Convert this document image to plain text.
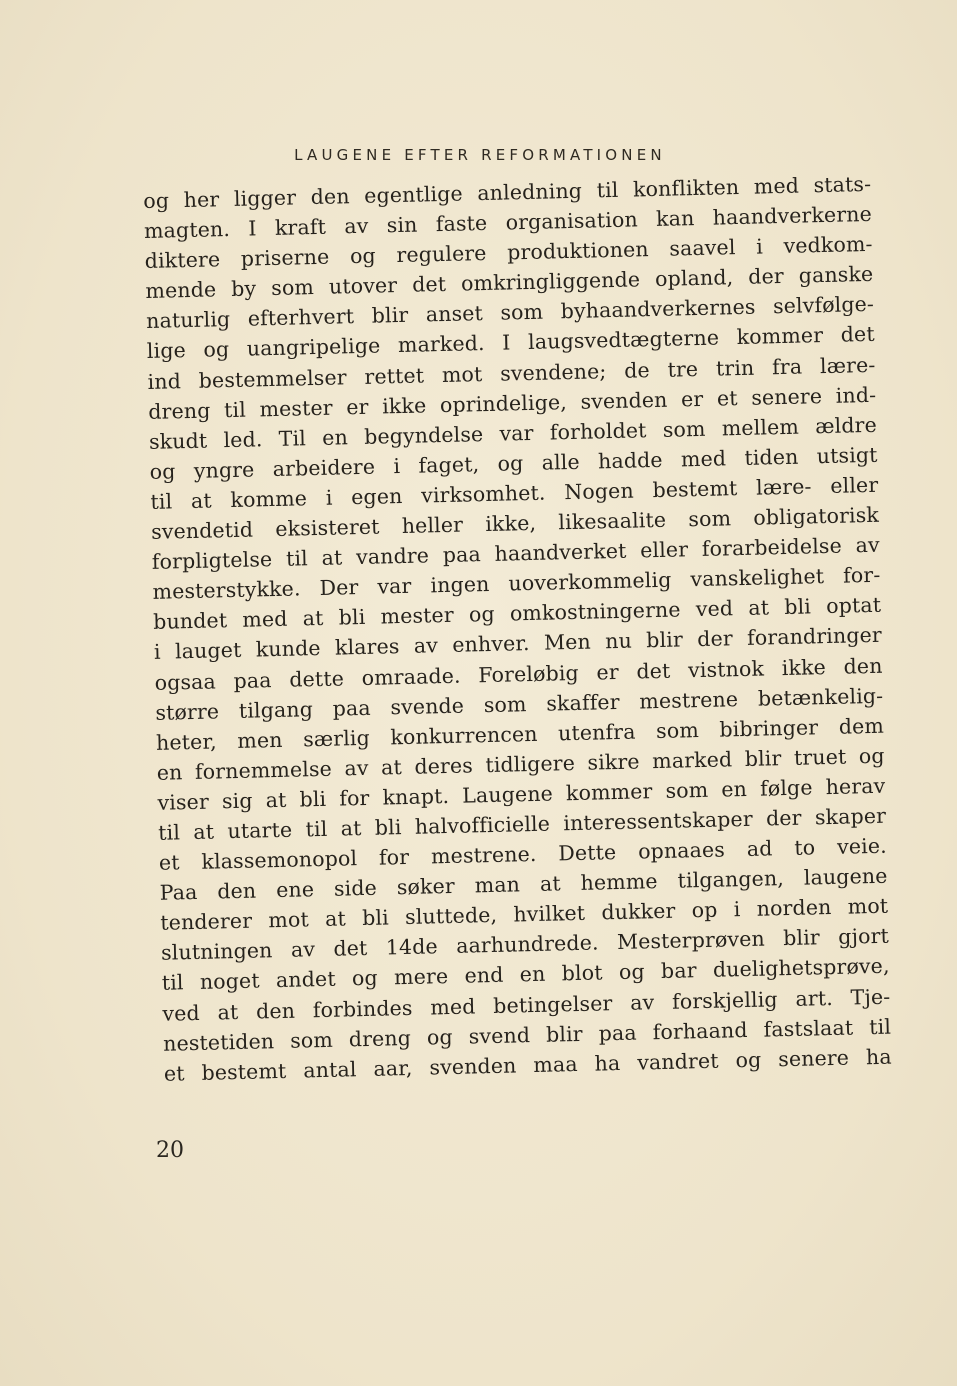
LAUGENE EFTER REFORMATIONEN
og her ligger den egentlige anledning til konflikten med stats-
magten. I kraft av sin faste organisation kan haandverkerne
diktere priserne og regulere produktionen saavel i vedkom-
mende by som utover det omkringliggende opland, der ganske
naturlig efterhvert blir anset som byhaandverkernes selvfølge-
lige og uangripelige marked. I laugsvedtægterne kommer det
ind bestemmelser rettet mot svendene; de tre trin fra lære-
dreng til mester er ikke oprindelige, svenden er et senere ind-
skudt led. Til en begyndelse var forholdet som mellem ældre
og yngre arbeidere i faget, og alle hadde med tiden utsigt
til at komme i egen virksomhet. Nogen bestemt lære- eller
svendetid eksisteret heller ikke, likesaalite som obligatorisk
forpligtelse til at vandre paa haandverket eller forarbeidelse av
mesterstykke. Der var ingen uoverkommelig vanskelighet for-
bundet med at bli mester og omkostningerne ved at bli optat
i lauget kunde klares av enhver. Men nu blir der forandringer
ogsaa paa dette omraade. Foreløbig er det vistnok ikke den
større tilgang paa svende som skaffer mestrene betænkelig-
heter, men særlig konkurrencen utenfra som bibringer dem
en fornemmelse av at deres tidligere sikre marked blir truet og
viser sig at bli for knapt. Laugene kommer som en følge herav
til at utarte til at bli halvofficielle interessentskaper der skaper
et klassemonopol for mestrene. Dette opnaaes ad to veie.
Paa den ene side søker man at hemme tilgangen, laugene
tenderer mot at bli sluttede, hvilket dukker op i norden mot
slutningen av det 14de aarhundrede. Mesterprøven blir gjort
til noget andet og mere end en blot og bar duelighetsprøve,
ved at den forbindes med betingelser av forskjellig art. Tje-
nestetiden som dreng og svend blir paa forhaand fastslaat til
et bestemt antal aar, svenden maa ha vandret og senere ha
20
